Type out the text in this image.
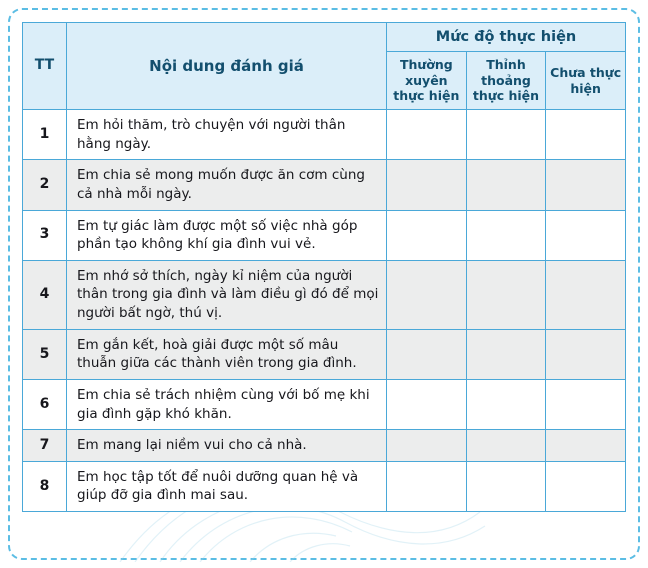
TT	Nội dung đánh giá	Mức độ thực hiện		
		Thường xuyên thực hiện	Thỉnh thoảng thực hiện	Chưa thực hiện
1	Em hỏi thăm, trò chuyện với người thân hằng ngày.			
2	Em chia sẻ mong muốn được ăn cơm cùng cả nhà mỗi ngày.			
3	Em tự giác làm được một số việc nhà góp phần tạo không khí gia đình vui vẻ.			
4	Em nhớ sở thích, ngày kỉ niệm của người thân trong gia đình và làm điều gì đó để mọi người bất ngờ, thú vị.			
5	Em gắn kết, hoà giải được một số mâu thuẫn giữa các thành viên trong gia đình.			
6	Em chia sẻ trách nhiệm cùng với bố mẹ khi gia đình gặp khó khăn.			
7	Em mang lại niềm vui cho cả nhà.			
8	Em học tập tốt để nuôi dưỡng quan hệ và giúp đỡ gia đình mai sau.			
